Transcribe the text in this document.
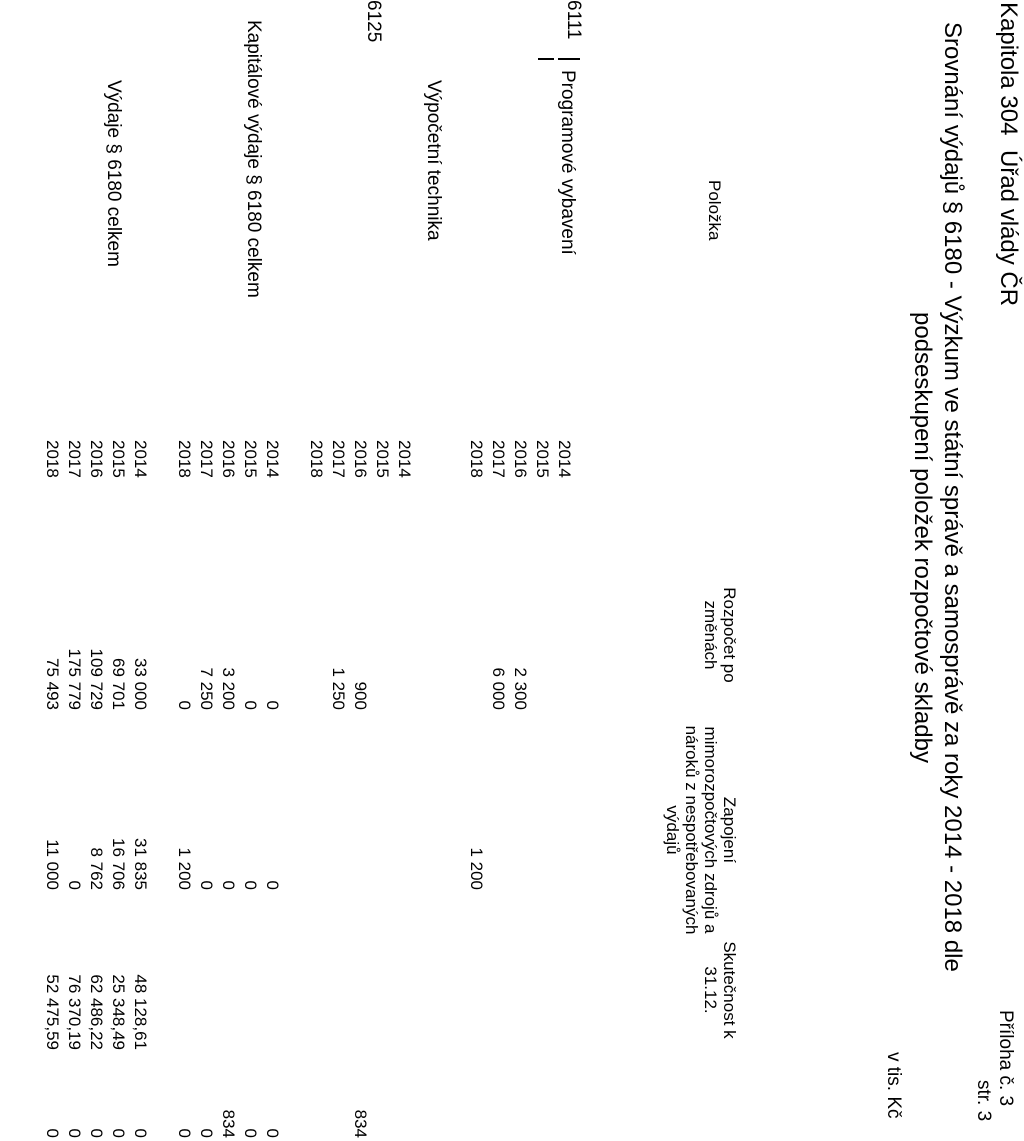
Příloha č. 3
str. 3
Kapitola 304
Úřad vlády ČR
Srovnání výdajů § 6180 - Výzkum ve státní správě a samosprávě za roky 2014 - 2018 dle
podseskupení položek rozpočtové skladby
v tis. Kč
Položka
Rozpočet po změnách
Zapojení mimorozpočtových zdrojů a nároků z nespotřebovaných výdajů
Skutečnost k 31.12.
6111
Programové vybavení
6125
Výpočetní technika
Kapitálové výdaje § 6180 celkem
Výdaje § 6180 celkem
2014
2015
2016
2017
2018
2 300
6 000
1 200
2014
2015
2016
2017
2018
900
1 250
834
2014
2015
2016
2017
2018
0
0
3 200
7 250
0
0
0
0
0
1 200
0
0
834
0
0
2014
2015
2016
2017
2018
33 000
69 701
109 729
175 779
75 493
31 835
16 706
8 762
0
11 000
48 128,61
25 348,49
62 486,22
76 370,19
52 475,59
0
0
0
0
0
